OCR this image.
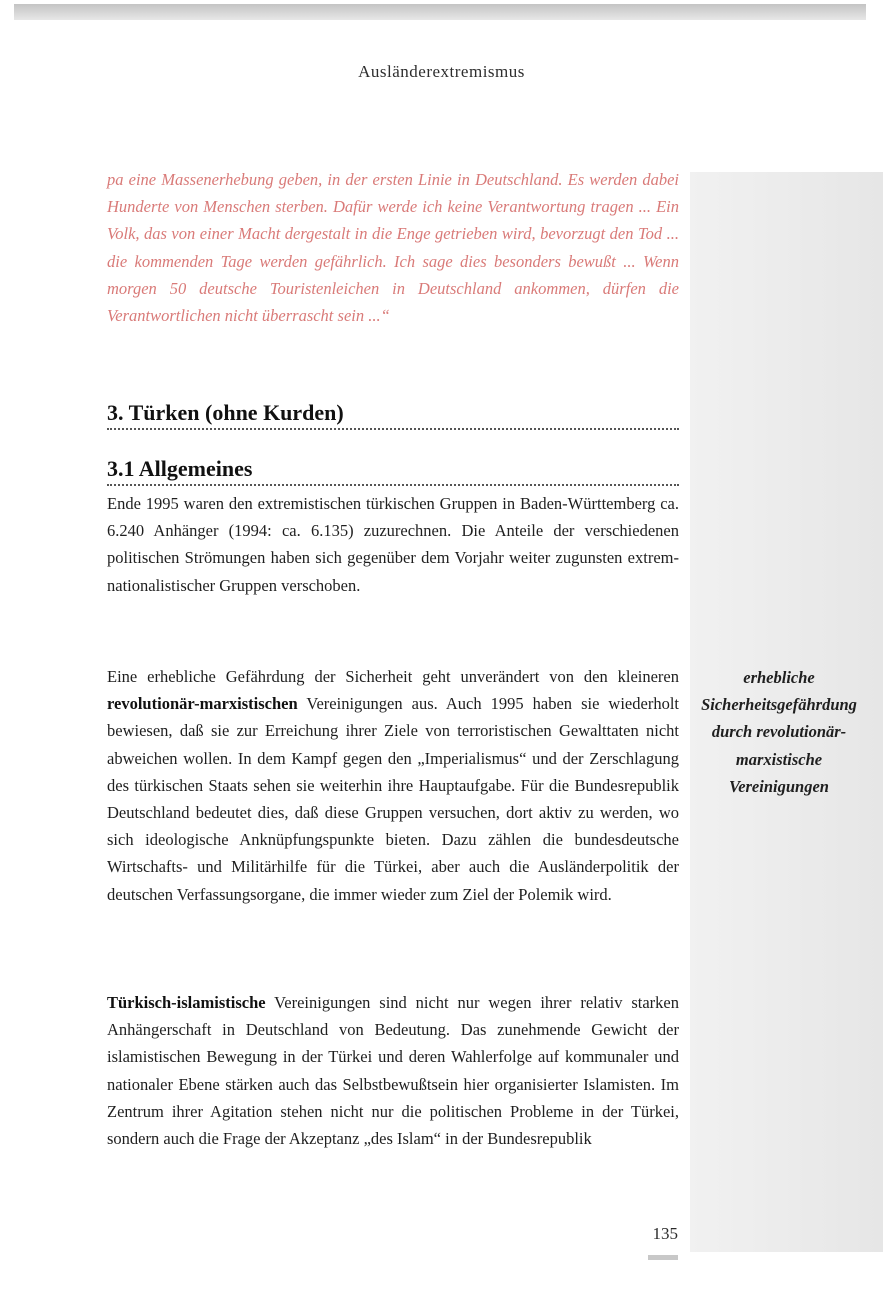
Ausländerextremismus

pa eine Massenerhebung geben, in der ersten Linie in Deutschland. Es werden dabei Hunderte von Menschen sterben. Dafür werde ich keine Verantwortung tragen ... Ein Volk, das von einer Macht dergestalt in die Enge getrieben wird, bevorzugt den Tod ... die kommenden Tage werden gefährlich. Ich sage dies besonders bewußt ... Wenn morgen 50 deutsche Touristenleichen in Deutschland ankommen, dürfen die Verantwortlichen nicht überrascht sein ...“

3. Türken (ohne Kurden)
3.1 Allgemeines

Ende 1995 waren den extremistischen türkischen Gruppen in Baden-Württemberg ca. 6.240 Anhänger (1994: ca. 6.135) zuzurechnen. Die Anteile der verschiedenen politischen Strömungen haben sich gegenüber dem Vorjahr weiter zugunsten extrem-nationalistischer Gruppen verschoben.

Eine erhebliche Gefährdung der Sicherheit geht unverändert von den kleineren revolutionär-marxistischen Vereinigungen aus. Auch 1995 haben sie wiederholt bewiesen, daß sie zur Erreichung ihrer Ziele von terroristischen Gewalttaten nicht abweichen wollen. In dem Kampf gegen den „Imperialismus“ und der Zerschlagung des türkischen Staats sehen sie weiterhin ihre Hauptaufgabe. Für die Bundesrepublik Deutschland bedeutet dies, daß diese Gruppen versuchen, dort aktiv zu werden, wo sich ideologische Anknüpfungspunkte bieten. Dazu zählen die bundesdeutsche Wirtschafts- und Militärhilfe für die Türkei, aber auch die Ausländerpolitik der deutschen Verfassungsorgane, die immer wieder zum Ziel der Polemik wird.

erhebliche Sicherheitsgefährdung durch revolutionär-marxistische Vereinigungen

Türkisch-islamistische Vereinigungen sind nicht nur wegen ihrer relativ starken Anhängerschaft in Deutschland von Bedeutung. Das zunehmende Gewicht der islamistischen Bewegung in der Türkei und deren Wahlerfolge auf kommunaler und nationaler Ebene stärken auch das Selbstbewußtsein hier organisierter Islamisten. Im Zentrum ihrer Agitation stehen nicht nur die politischen Probleme in der Türkei, sondern auch die Frage der Akzeptanz „des Islam“ in der Bundesrepublik

135
